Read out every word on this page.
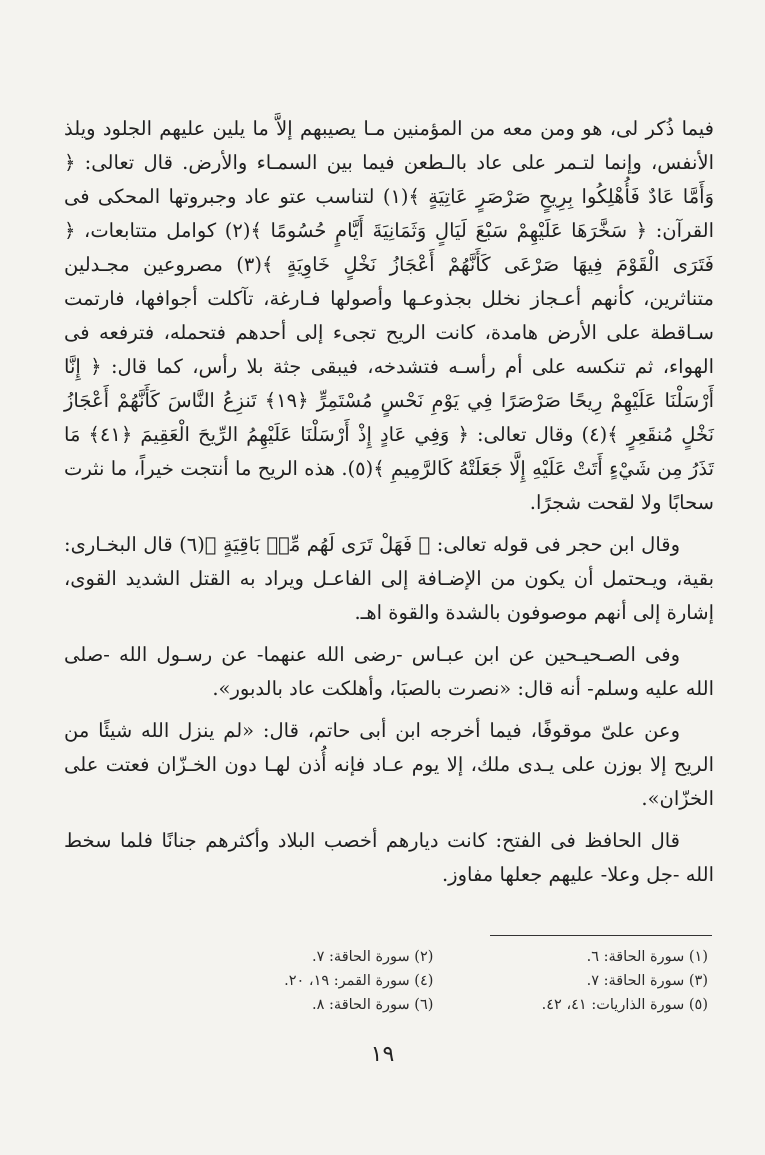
فيما ذُكر لى، هو ومن معه من المؤمنين مـا يصيبهم إلاَّ ما يلين عليهم الجلود ويلذ الأنفس، وإنما لتـمر على عاد بالـطعن فيما بين السمـاء والأرض. قال تعالى: ﴿ وَأَمَّا عَادٌ فَأُهْلِكُوا بِرِيحٍ صَرْصَرٍ عَاتِيَةٍ ﴾(١) لتناسب عتو عاد وجبروتها المحكى فى القرآن: ﴿ سَخَّرَهَا عَلَيْهِمْ سَبْعَ لَيَالٍ وَثَمَانِيَةَ أَيَّامٍ حُسُومًا ﴾(٢) كوامل متتابعات، ﴿ فَتَرَى الْقَوْمَ فِيهَا صَرْعَى كَأَنَّهُمْ أَعْجَازُ نَخْلٍ خَاوِيَةٍ ﴾(٣) مصروعين مجـدلين متناثرين، كأنهم أعـجاز نخلل بجذوعـها وأصولها فـارغة، تآكلت أجوافها، فارتمت سـاقطة على الأرض هامدة، كانت الريح تجىء إلى أحدهم فتحمله، فترفعه فى الهواء، ثم تنكسه على أم رأسـه فتشدخه، فيبقى جثة بلا رأس، كما قال: ﴿ إِنَّا أَرْسَلْنَا عَلَيْهِمْ رِيحًا صَرْصَرًا فِي يَوْمِ نَحْسٍ مُسْتَمِرٍّ ﴿١٩﴾ تَنزِعُ النَّاسَ كَأَنَّهُمْ أَعْجَازُ نَخْلٍ مُنقَعِرٍ ﴾(٤) وقال تعالى: ﴿ وَفِي عَادٍ إِذْ أَرْسَلْنَا عَلَيْهِمُ الرِّيحَ الْعَقِيمَ ﴿٤١﴾ مَا تَذَرُ مِن شَيْءٍ أَتَتْ عَلَيْهِ إِلَّا جَعَلَتْهُ كَالرَّمِيمِ ﴾(٥). هذه الريح ما أنتجت خيراً، ما نثرت سحابًا ولا لقحت شجرًا.

وقال ابن حجر فى قوله تعالى: ﴿ فَهَلْ تَرَى لَهُم مِّنۢ بَاقِيَةٍ ﴾(٦) قال البخـارى: بقية، ويـحتمل أن يكون من الإضـافة إلى الفاعـل ويراد به القتل الشديد القوى، إشارة إلى أنهم موصوفون بالشدة والقوة اهـ.

وفى الصـحيـحين عن ابن عبـاس -رضى الله عنهما- عن رسـول الله -صلى الله عليه وسلم- أنه قال: «نصرت بالصبَا، وأهلكت عاد بالدبور».

وعن علىّ موقوفًا، فيما أخرجه ابن أبى حاتم، قال: «لم ينزل الله شيئًا من الريح إلا بوزن على يـدى ملك، إلا يوم عـاد فإنه أُذن لهـا دون الخـزّان فعتت على الخزّان».

قال الحافظ فى الفتح: كانت ديارهم أخصب البلاد وأكثرهم جنانًا فلما سخط الله -جل وعلا- عليهم جعلها مفاوز.

(١) سورة الحاقة: ٦.
(٢) سورة الحاقة: ٧.
(٣) سورة الحاقة: ٧.
(٤) سورة القمر: ١٩، ٢٠.
(٥) سورة الذاريات: ٤١، ٤٢.
(٦) سورة الحاقة: ٨.
١٩
